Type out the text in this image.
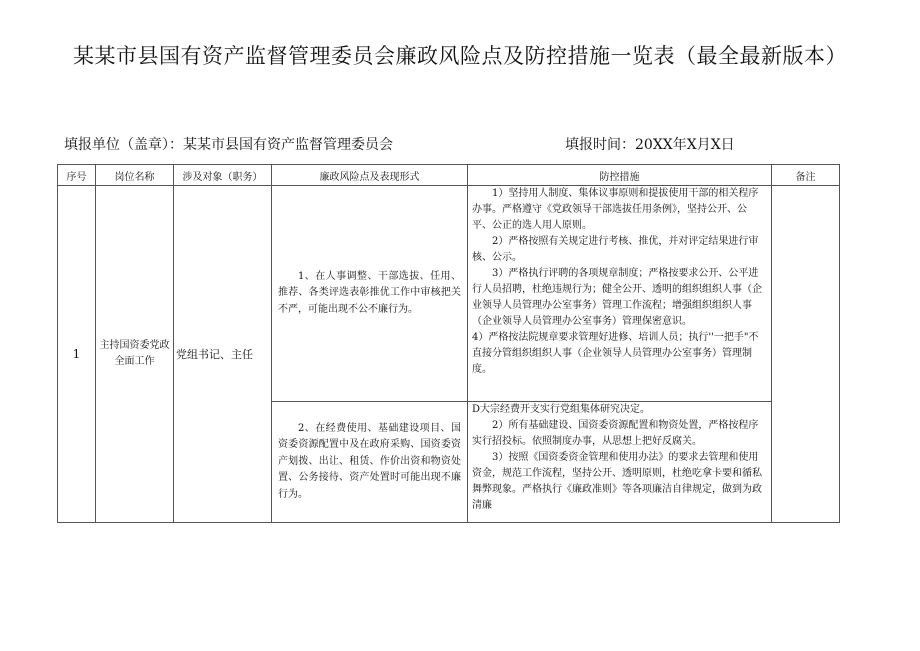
某某市县国有资产监督管理委员会廉政风险点及防控措施一览表（最全最新版本）
填报单位（盖章）：某某市县国有资产监督管理委员会	填报时间：20XX年X月X日
序号	岗位名称	涉及对象（职务）	廉政风险点及表现形式	防控措施	备注
1	主持国资委党政全面工作	党组书记、主任	1、在人事调整、干部选拔、任用、推荐、各类评选表彰推优工作中审核把关不严，可能出现不公不廉行为。	1）坚持用人制度、集体议事原则和提拔使用干部的相关程序办事。严格遵守《党政领导干部选拔任用条例》，坚持公开、公平、公正的选人用人原则。

2）严格按照有关规定进行考核、推优，并对评定结果进行审核、公示。

3）严格执行评聘的各项规章制度；严格按要求公开、公平进行人员招聘，杜绝违规行为；健全公开、透明的组织组织人事（企业领导人员管理办公室事务）管理工作流程；增强组织组织人事（企业领导人员管理办公室事务）管理保密意识。

4）严格按法院规章要求管理好进修、培训人员；执行''一把手"不直接分管组织组织人事（企业领导人员管理办公室事务）管理制度。	

			2、在经费使用、基础建设项目、国资委资源配置中及在政府采购、国资委资产划拨、出让、租赁、作价出资和物资处置、公务接待、资产处置时可能出现不廉行为。	D大宗经费开支实行党组集体研究决定。

2）所有基础建设、国资委资源配置和物资处置，严格按程序实行招投标。依照制度办事，从思想上把好反腐关。

3）按照《国资委资金管理和使用办法》的要求去管理和使用资金，规范工作流程，坚持公开、透明原则，杜绝吃拿卡要和循私舞弊现象。严格执行《廉政准则》等各项廉洁自律规定，做到为政清廉	
